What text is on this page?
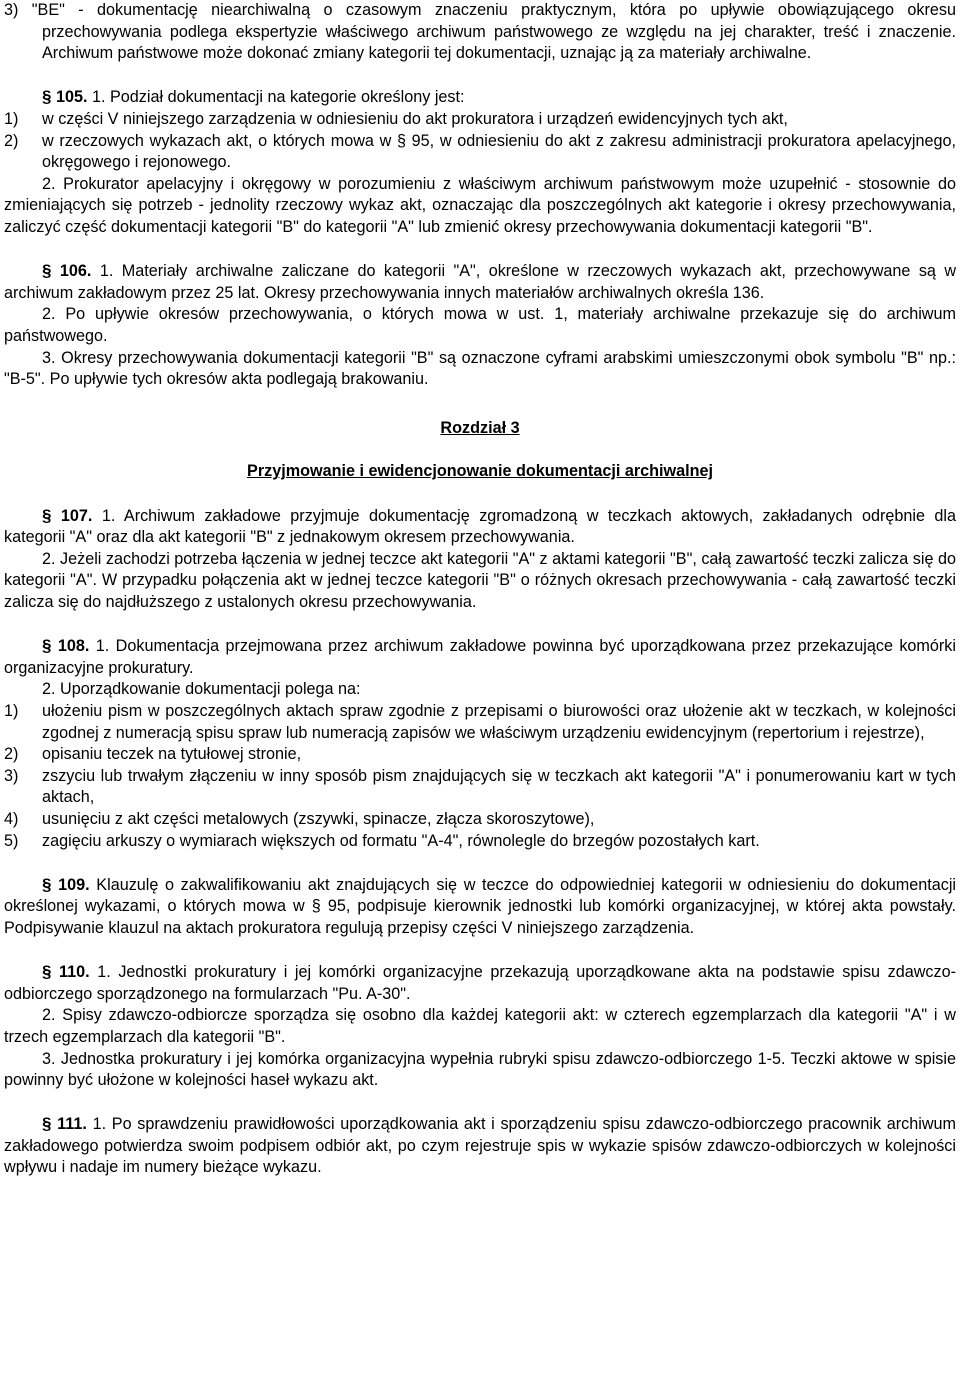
3) "BE" - dokumentację niearchiwalną o czasowym znaczeniu praktycznym, która po upływie obowiązującego okresu przechowywania podlega ekspertyzie właściwego archiwum państwowego ze względu na jej charakter, treść i znaczenie. Archiwum państwowe może dokonać zmiany kategorii tej dokumentacji, uznając ją za materiały archiwalne.

§ 105. 1. Podział dokumentacji na kategorie określony jest:

1)	w części V niniejszego zarządzenia w odniesieniu do akt prokuratora i urządzeń ewidencyjnych tych akt,
2)	w rzeczowych wykazach akt, o których mowa w § 95, w odniesieniu do akt z zakresu administracji prokuratora apelacyjnego, okręgowego i rejonowego.

2. Prokurator apelacyjny i okręgowy w porozumieniu z właściwym archiwum państwowym może uzupełnić - stosownie do zmieniających się potrzeb - jednolity rzeczowy wykaz akt, oznaczając dla poszczególnych akt kategorie i okresy przechowywania, zaliczyć część dokumentacji kategorii "B" do kategorii "A" lub zmienić okresy przechowywania dokumentacji kategorii "B".

§ 106. 1. Materiały archiwalne zaliczane do kategorii "A", określone w rzeczowych wykazach akt, przechowywane są w archiwum zakładowym przez 25 lat. Okresy przechowywania innych materiałów archiwalnych określa 136.

2. Po upływie okresów przechowywania, o których mowa w ust. 1, materiały archiwalne przekazuje się do archiwum państwowego.

3. Okresy przechowywania dokumentacji kategorii "B" są oznaczone cyframi arabskimi umieszczonymi obok symbolu "B" np.: "B-5". Po upływie tych okresów akta podlegają brakowaniu.

Rozdział 3

Przyjmowanie i ewidencjonowanie dokumentacji archiwalnej

§ 107. 1. Archiwum zakładowe przyjmuje dokumentację zgromadzoną w teczkach aktowych, zakładanych odrębnie dla kategorii "A" oraz dla akt kategorii "B" z jednakowym okresem przechowywania.

2. Jeżeli zachodzi potrzeba łączenia w jednej teczce akt kategorii "A" z aktami kategorii "B", całą zawartość teczki zalicza się do kategorii "A". W przypadku połączenia akt w jednej teczce kategorii "B" o różnych okresach przechowywania - całą zawartość teczki zalicza się do najdłuższego z ustalonych okresu przechowywania.

§ 108. 1. Dokumentacja przejmowana przez archiwum zakładowe powinna być uporządkowana przez przekazujące komórki organizacyjne prokuratury.

2. Uporządkowanie dokumentacji polega na:

1)	ułożeniu pism w poszczególnych aktach spraw zgodnie z przepisami o biurowości oraz ułożenie akt w teczkach, w kolejności zgodnej z numeracją spisu spraw lub numeracją zapisów we właściwym urządzeniu ewidencyjnym (repertorium i rejestrze),
2)	opisaniu teczek na tytułowej stronie,
3)	zszyciu lub trwałym złączeniu w inny sposób pism znajdujących się w teczkach akt kategorii "A" i ponumerowaniu kart w tych aktach,
4)	usunięciu z akt części metalowych (zszywki, spinacze, złącza skoroszytowe),
5)	zagięciu arkuszy o wymiarach większych od formatu "A-4", równolegle do brzegów pozostałych kart.

§ 109. Klauzulę o zakwalifikowaniu akt znajdujących się w teczce do odpowiedniej kategorii w odniesieniu do dokumentacji określonej wykazami, o których mowa w § 95, podpisuje kierownik jednostki lub komórki organizacyjnej, w której akta powstały. Podpisywanie klauzul na aktach prokuratora regulują przepisy części V niniejszego zarządzenia.

§ 110. 1. Jednostki prokuratury i jej komórki organizacyjne przekazują uporządkowane akta na podstawie spisu zdawczo-odbiorczego sporządzonego na formularzach "Pu. A-30".

2. Spisy zdawczo-odbiorcze sporządza się osobno dla każdej kategorii akt: w czterech egzemplarzach dla kategorii "A" i w trzech egzemplarzach dla kategorii "B".

3. Jednostka prokuratury i jej komórka organizacyjna wypełnia rubryki spisu zdawczo-odbiorczego 1-5. Teczki aktowe w spisie powinny być ułożone w kolejności haseł wykazu akt.

§ 111. 1. Po sprawdzeniu prawidłowości uporządkowania akt i sporządzeniu spisu zdawczo-odbiorczego pracownik archiwum zakładowego potwierdza swoim podpisem odbiór akt, po czym rejestruje spis w wykazie spisów zdawczo-odbiorczych w kolejności wpływu i nadaje im numery bieżące wykazu.
